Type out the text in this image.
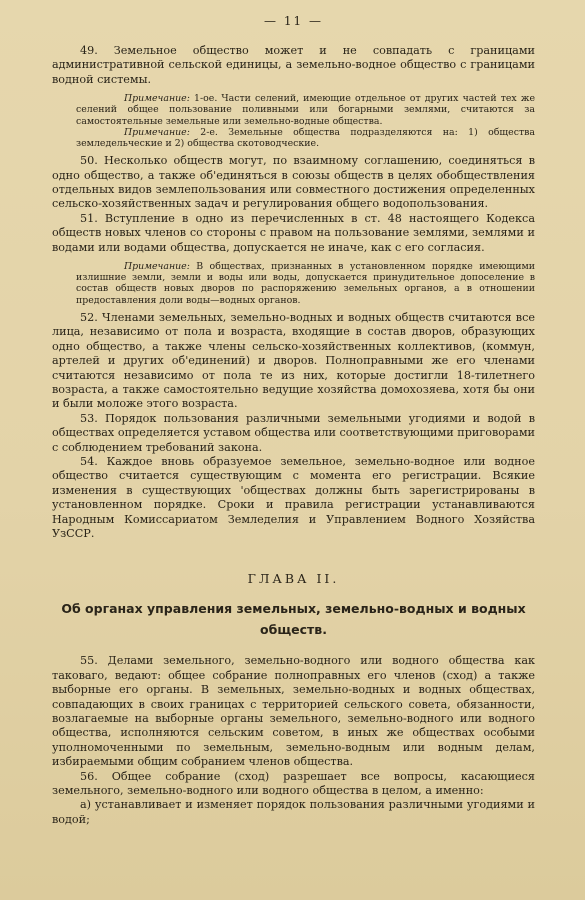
— 11 —

49. Земельное общество может и не совпадать с границами административной сельской единицы, а земельно-водное общество с границами водной системы.

Примечание: 1-ое. Части селений, имеющие отдельное от других частей тех же селений общее пользование поливными или богарными землями, считаются за самостоятельные земельные или земельно-водные общества.

Примечание: 2-е. Земельные общества подразделяются на: 1) общества земледельческие и 2) общества скотоводческие.

50. Несколько обществ могут, по взаимному соглашению, соединяться в одно общество, а также об'единяться в союзы обществ в целях обобществления отдельных видов землепользования или совместного достижения определенных сельско-хозяйственных задач и регулирования общего водопользования.

51. Вступление в одно из перечисленных в ст. 48 настоящего Кодекса обществ новых членов со стороны с правом на пользование землями, землями и водами или водами общества, допускается не иначе, как с его согласия.

Примечание: В обществах, признанных в установленном порядке имеющими излишние земли, земли и воды или воды, допускается принудительное допоселение в состав обществ новых дворов по распоряжению земельных органов, а в отношении предоставления доли воды—водных органов.

52. Членами земельных, земельно-водных и водных обществ считаются все лица, независимо от пола и возраста, входящие в состав дворов, образующих одно общество, а также члены сельско-хозяйственных коллективов, (коммун, артелей и других об'единений) и дворов. Полноправными же его членами считаются независимо от пола те из них, которые достигли 18-тилетнего возраста, а также самостоятельно ведущие хозяйства домохозяева, хотя бы они и были моложе этого возраста.

53. Порядок пользования различными земельными угодиями и водой в обществах определяется уставом общества или соответствующими приговорами с соблюдением требований закона.

54. Каждое вновь образуемое земельное, земельно-водное или водное общество считается существующим с момента его регистрации. Всякие изменения в существующих 'обществах должны быть зарегистрированы в установленном порядке. Сроки и правила регистрации устанавливаются Народным Комиссариатом Земледелия и Управлением Водного Хозяйства УзССР.

ГЛАВА II.
Об органах управления земельных, земельно-водных и водных обществ.

55. Делами земельного, земельно-водного или водного общества как таковаго, ведают: общее собрание полноправных его членов (сход) а также выборные его органы. В земельных, земельно-водных и водных обществах, совпадающих в своих границах с территорией сельского совета, обязанности, возлагаемые на выборные органы земельного, земельно-водного или водного общества, исполняются сельским советом, в иных же обществах особыми уполномоченными по земельным, земельно-водным или водным делам, избираемыми общим собранием членов общества.

56. Общее собрание (сход) разрешает все вопросы, касающиеся земельного, земельно-водного или водного общества в целом, а именно:

а) устанавливает и изменяет порядок пользования различными угодиями и водой;
